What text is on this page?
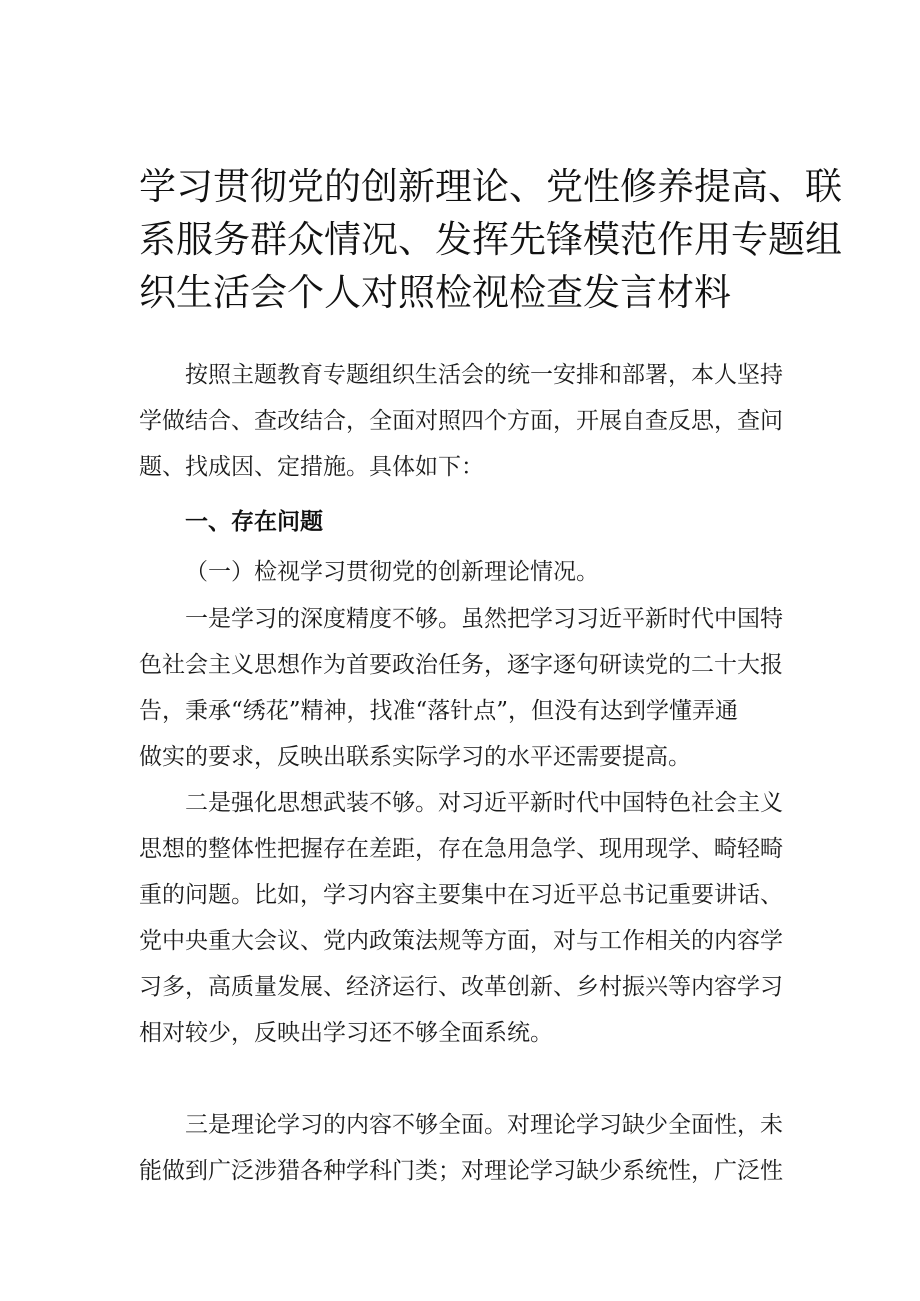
学习贯彻党的创新理论、党性修养提高、联
系服务群众情况、发挥先锋模范作用专题组
织生活会个人对照检视检查发言材料

　　按照主题教育专题组织生活会的统一安排和部署，本人坚持
学做结合、查改结合，全面对照四个方面，开展自查反思，查问
题、找成因、定措施。具体如下：

一、存在问题

（一）检视学习贯彻党的创新理论情况。

　　一是学习的深度精度不够。虽然把学习习近平新时代中国特
色社会主义思想作为首要政治任务，逐字逐句研读党的二十大报
告，秉承“绣花”精神，找准“落针点”，但没有达到学懂弄通
做实的要求，反映出联系实际学习的水平还需要提高。

　　二是强化思想武装不够。对习近平新时代中国特色社会主义
思想的整体性把握存在差距，存在急用急学、现用现学、畸轻畸
重的问题。比如，学习内容主要集中在习近平总书记重要讲话、
党中央重大会议、党内政策法规等方面，对与工作相关的内容学
习多，高质量发展、经济运行、改革创新、乡村振兴等内容学习
相对较少，反映出学习还不够全面系统。

　　三是理论学习的内容不够全面。对理论学习缺少全面性，未
能做到广泛涉猎各种学科门类；对理论学习缺少系统性，广泛性
